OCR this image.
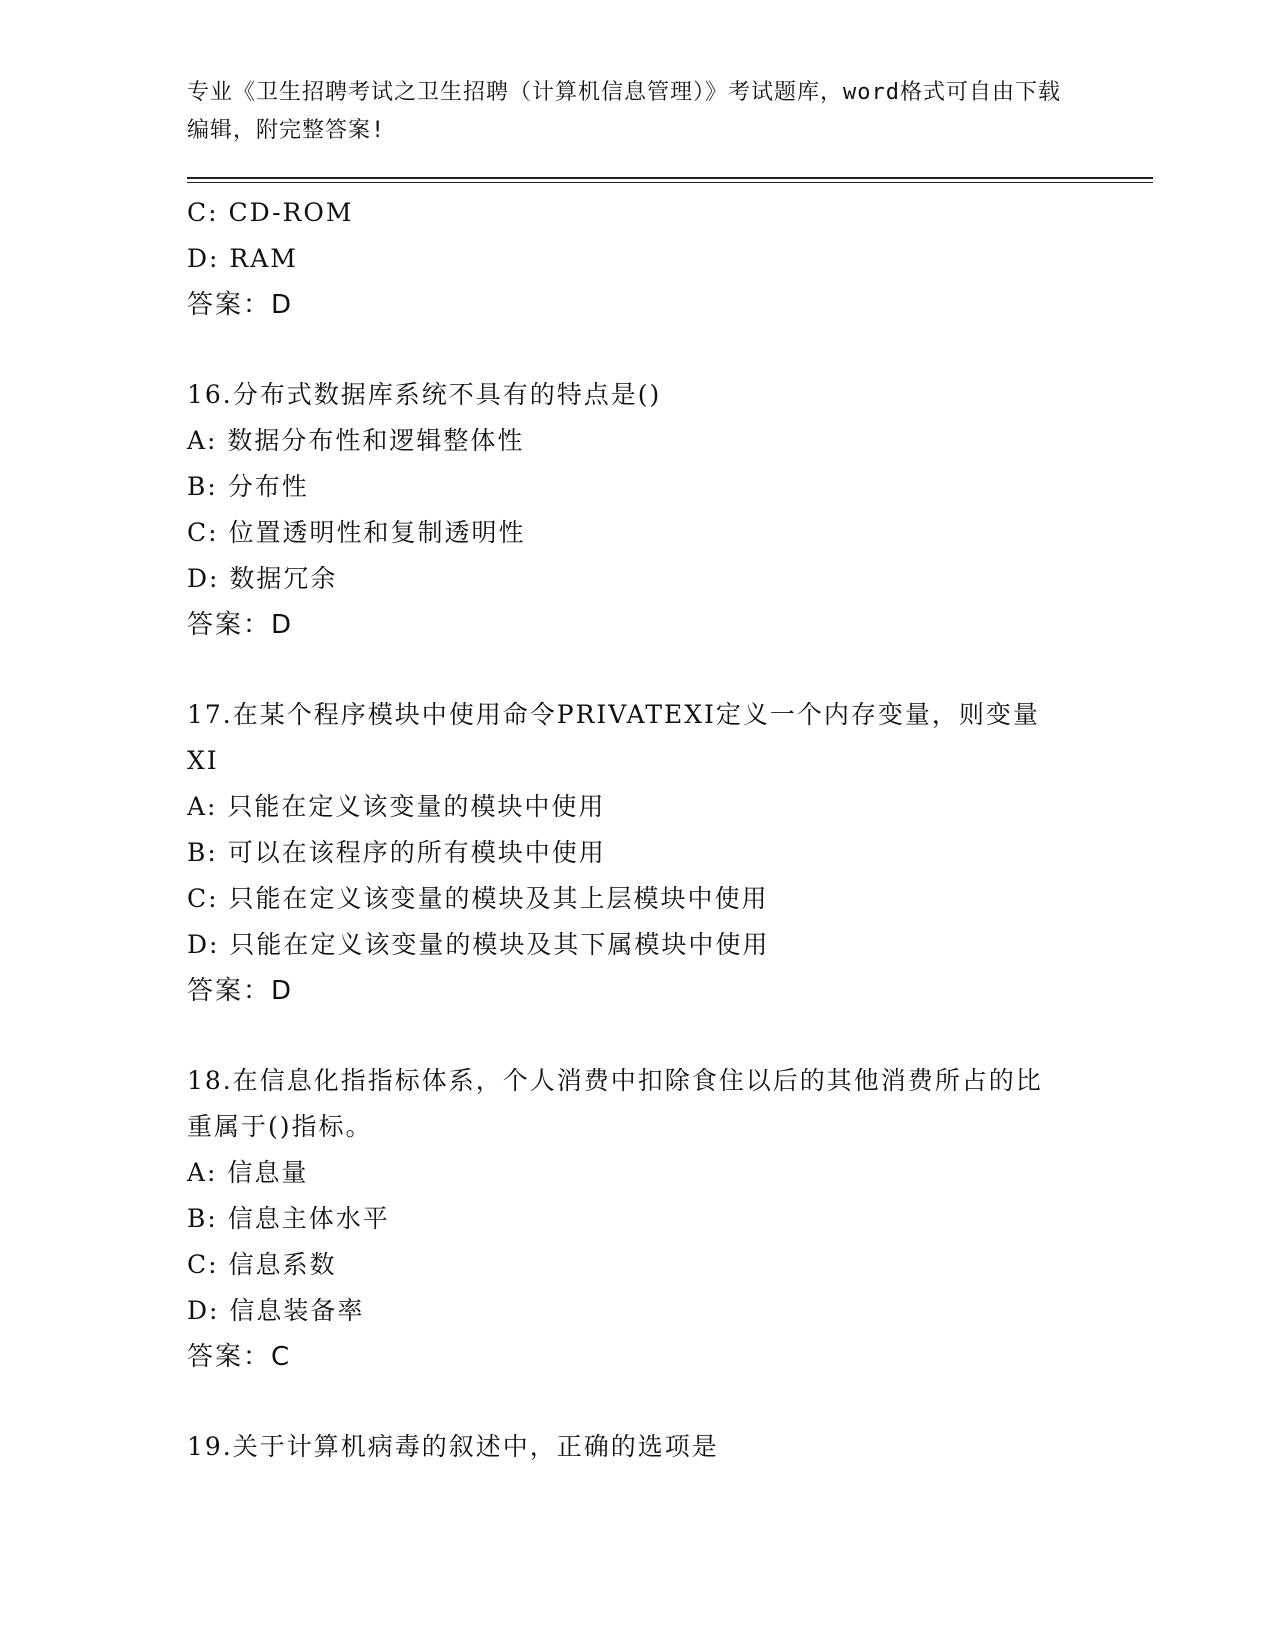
专业《卫生招聘考试之卫生招聘（计算机信息管理）》考试题库，word格式可自由下载编辑，附完整答案!
C: CD-ROM
D: RAM
答案：D
16.分布式数据库系统不具有的特点是()
A: 数据分布性和逻辑整体性
B: 分布性
C: 位置透明性和复制透明性
D: 数据冗余
答案：D
17.在某个程序模块中使用命令PRIVATEXI定义一个内存变量，则变量XI
A: 只能在定义该变量的模块中使用
B: 可以在该程序的所有模块中使用
C: 只能在定义该变量的模块及其上层模块中使用
D: 只能在定义该变量的模块及其下属模块中使用
答案：D
18.在信息化指指标体系，个人消费中扣除食住以后的其他消费所占的比重属于()指标。
A: 信息量
B: 信息主体水平
C: 信息系数
D: 信息装备率
答案：C
19.关于计算机病毒的叙述中，正确的选项是
